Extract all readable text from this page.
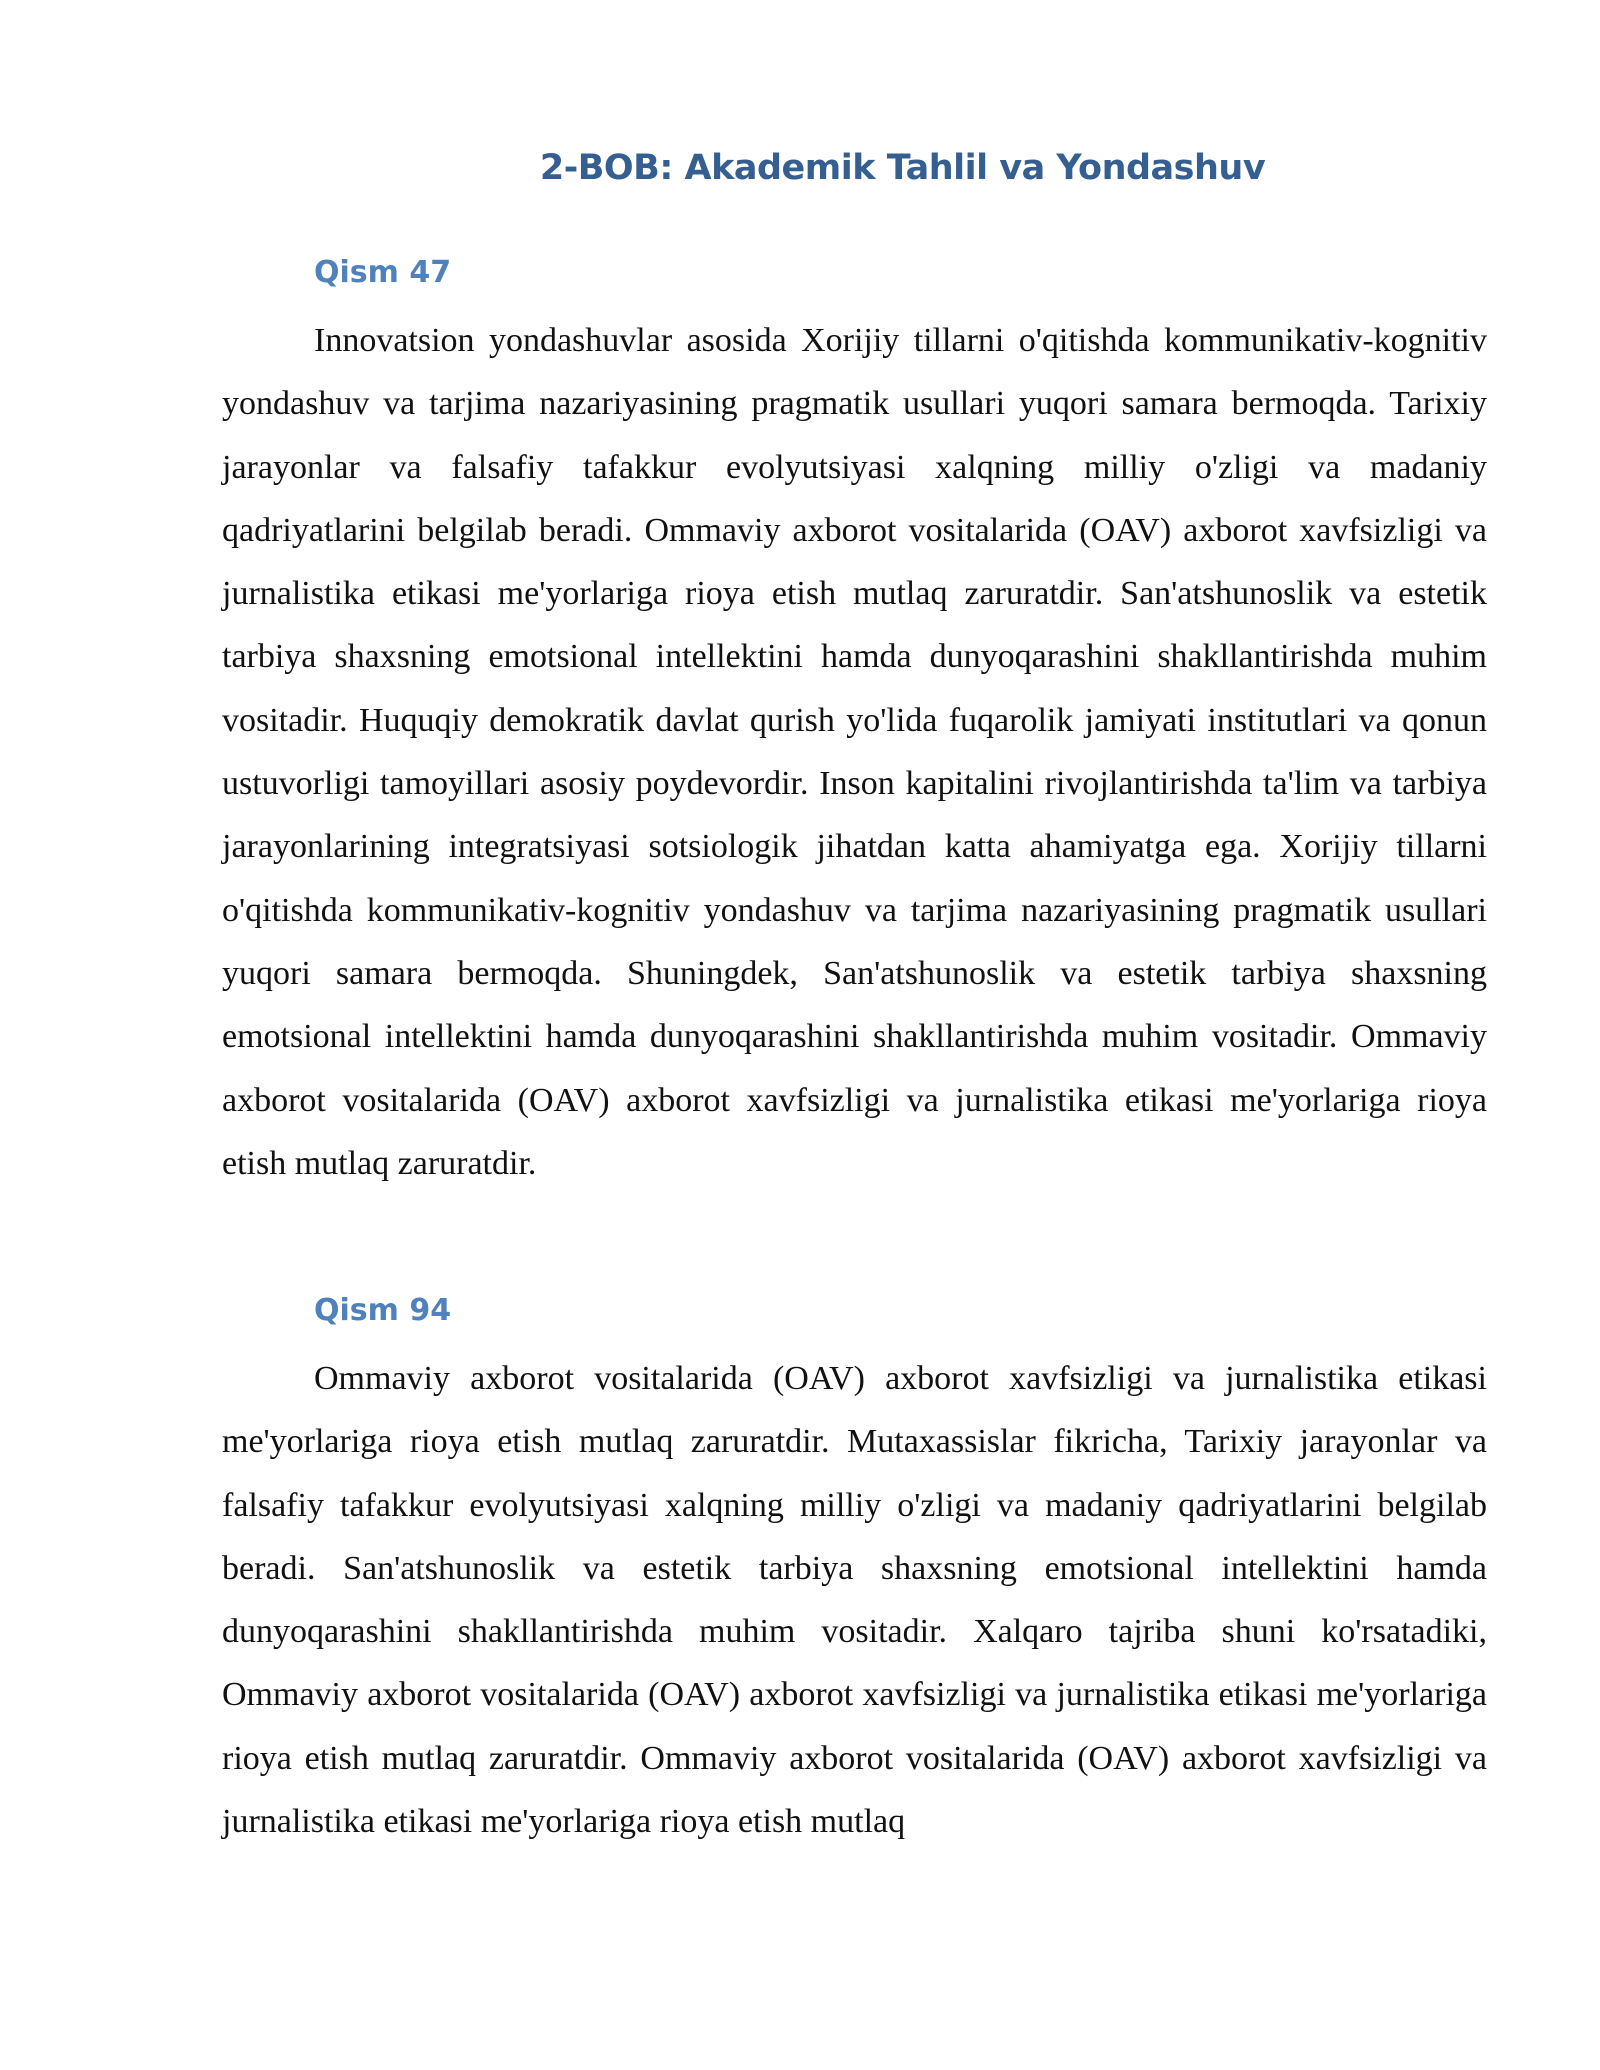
2-BOB: Akademik Tahlil va Yondashuv
Qism 47

Innovatsion yondashuvlar asosida Xorijiy tillarni o'qitishda kommunikativ-kognitiv yondashuv va tarjima nazariyasining pragmatik usullari yuqori samara bermoqda. Tarixiy jarayonlar va falsafiy tafakkur evolyutsiyasi xalqning milliy o'zligi va madaniy qadriyatlarini belgilab beradi. Ommaviy axborot vositalarida (OAV) axborot xavfsizligi va jurnalistika etikasi me'yorlariga rioya etish mutlaq zaruratdir. San'atshunoslik va estetik tarbiya shaxsning emotsional intellektini hamda dunyoqarashini shakllantirishda muhim vositadir. Huquqiy demokratik davlat qurish yo'lida fuqarolik jamiyati institutlari va qonun ustuvorligi tamoyillari asosiy poydevordir. Inson kapitalini rivojlantirishda ta'lim va tarbiya jarayonlarining integratsiyasi sotsiologik jihatdan katta ahamiyatga ega. Xorijiy tillarni o'qitishda kommunikativ-kognitiv yondashuv va tarjima nazariyasining pragmatik usullari yuqori samara bermoqda. Shuningdek, San'atshunoslik va estetik tarbiya shaxsning emotsional intellektini hamda dunyoqarashini shakllantirishda muhim vositadir. Ommaviy axborot vositalarida (OAV) axborot xavfsizligi va jurnalistika etikasi me'yorlariga rioya etish mutlaq zaruratdir.

Qism 94

Ommaviy axborot vositalarida (OAV) axborot xavfsizligi va jurnalistika etikasi me'yorlariga rioya etish mutlaq zaruratdir. Mutaxassislar fikricha, Tarixiy jarayonlar va falsafiy tafakkur evolyutsiyasi xalqning milliy o'zligi va madaniy qadriyatlarini belgilab beradi. San'atshunoslik va estetik tarbiya shaxsning emotsional intellektini hamda dunyoqarashini shakllantirishda muhim vositadir. Xalqaro tajriba shuni ko'rsatadiki, Ommaviy axborot vositalarida (OAV) axborot xavfsizligi va jurnalistika etikasi me'yorlariga rioya etish mutlaq zaruratdir. Ommaviy axborot vositalarida (OAV) axborot xavfsizligi va jurnalistika etikasi me'yorlariga rioya etish mutlaq
